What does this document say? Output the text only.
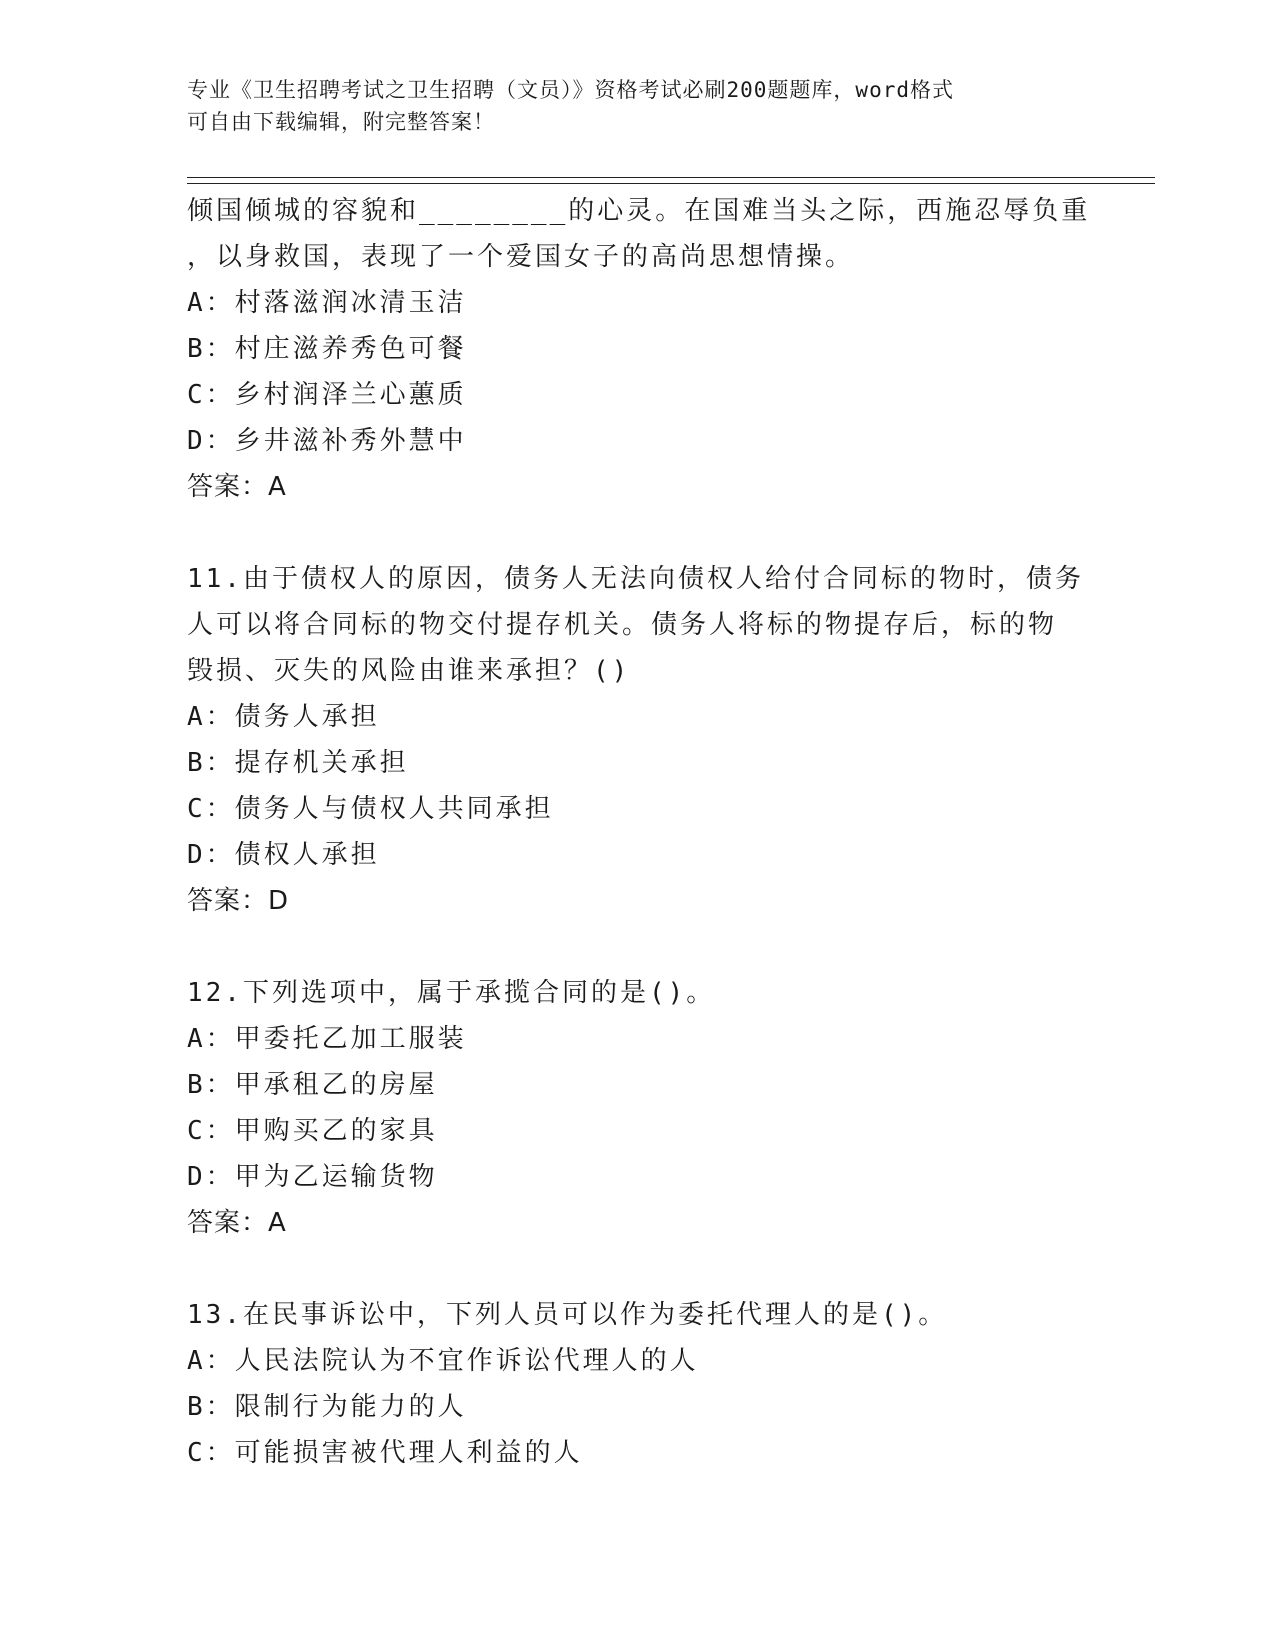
专业《卫生招聘考试之卫生招聘（文员）》资格考试必刷200题题库，word格式
可自由下载编辑，附完整答案！
倾国倾城的容貌和________的心灵。在国难当头之际，西施忍辱负重
，以身救国，表现了一个爱国女子的高尚思想情操。
A：村落滋润冰清玉洁
B：村庄滋养秀色可餐
C：乡村润泽兰心蕙质
D：乡井滋补秀外慧中
答案：A
11.由于债权人的原因，债务人无法向债权人给付合同标的物时，债务
人可以将合同标的物交付提存机关。债务人将标的物提存后，标的物
毁损、灭失的风险由谁来承担？()
A：债务人承担
B：提存机关承担
C：债务人与债权人共同承担
D：债权人承担
答案：D
12.下列选项中，属于承揽合同的是()。
A：甲委托乙加工服装
B：甲承租乙的房屋
C：甲购买乙的家具
D：甲为乙运输货物
答案：A
13.在民事诉讼中，下列人员可以作为委托代理人的是()。
A：人民法院认为不宜作诉讼代理人的人
B：限制行为能力的人
C：可能损害被代理人利益的人
